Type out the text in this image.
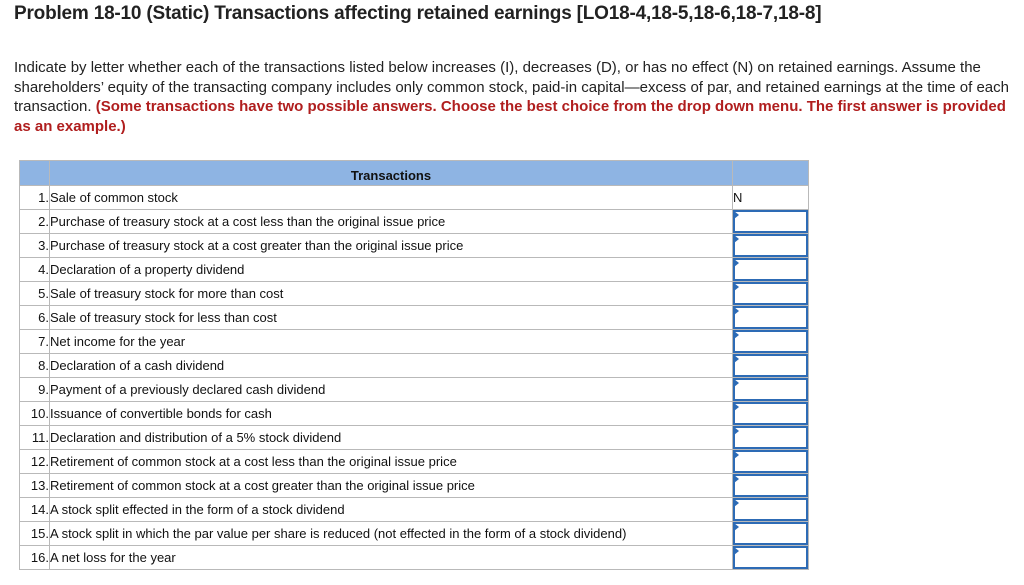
Problem 18-10 (Static) Transactions affecting retained earnings [LO18-4,18-5,18-6,18-7,18-8]

Indicate by letter whether each of the transactions listed below increases (I), decreases (D), or has no effect (N) on retained earnings. Assume the shareholders’ equity of the transacting company includes only common stock, paid-in capital—excess of par, and retained earnings at the time of each transaction. (Some transactions have two possible answers. Choose the best choice from the drop down menu. The first answer is provided as an example.)

	Transactions	
1.	Sale of common stock	N
2.	Purchase of treasury stock at a cost less than the original issue price	

3.	Purchase of treasury stock at a cost greater than the original issue price	

4.	Declaration of a property dividend	

5.	Sale of treasury stock for more than cost	

6.	Sale of treasury stock for less than cost	

7.	Net income for the year	

8.	Declaration of a cash dividend	

9.	Payment of a previously declared cash dividend	

10.	Issuance of convertible bonds for cash	

11.	Declaration and distribution of a 5% stock dividend	

12.	Retirement of common stock at a cost less than the original issue price	

13.	Retirement of common stock at a cost greater than the original issue price	

14.	A stock split effected in the form of a stock dividend	

15.	A stock split in which the par value per share is reduced (not effected in the form of a stock dividend)	

16.	A net loss for the year	
